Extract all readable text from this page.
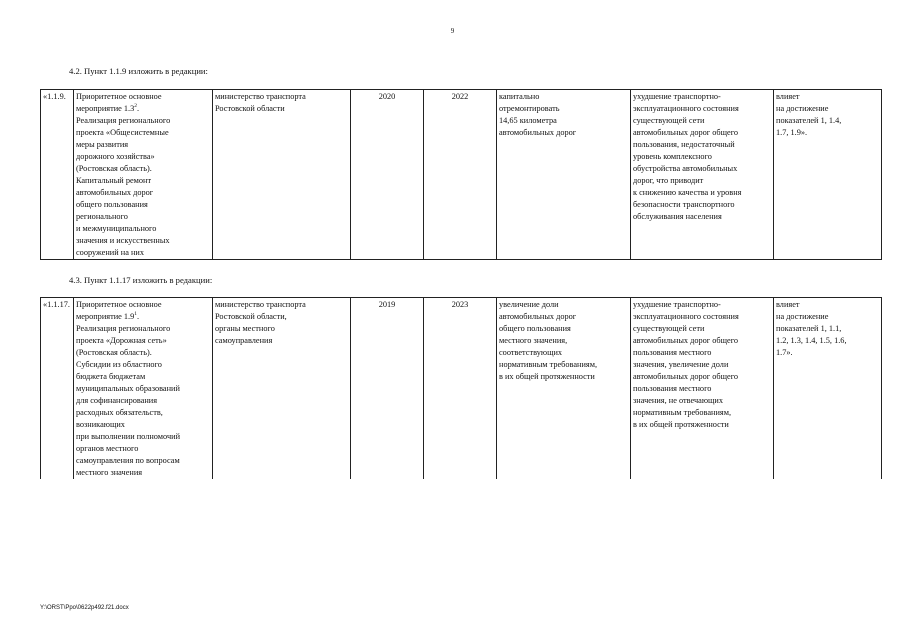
9
4.2. Пункт 1.1.9 изложить в редакции:
«1.1.9.	Приоритетное основное
мероприятие $1.3^2$.
Реализация регионального
проекта «Общесистемные
меры развития
дорожного хозяйства»
(Ростовская область).
Капитальный ремонт
автомобильных дорог
общего пользования
регионального
и межмуниципального
значения и искусственных
сооружений на них	министерство транспорта
Ростовской области	2020	2022	капитально
отремонтировать
14,65 километра
автомобильных дорог	ухудшение транспортно-
эксплуатационного состояния
существующей сети
автомобильных дорог общего
пользования, недостаточный
уровень комплексного
обустройства автомобильных
дорог, что приводит
к снижению качества и уровня
безопасности транспортного
обслуживания населения	влияет
на достижение
показателей 1, 1.4,
1.7, 1.9».
4.3. Пункт 1.1.17 изложить в редакции:
«1.1.17.	Приоритетное основное
мероприятие $1.9^1$.
Реализация регионального
проекта «Дорожная сеть»
(Ростовская область).
Субсидии из областного
бюджета бюджетам
муниципальных образований
для софинансирования
расходных обязательств,
возникающих
при выполнении полномочий
органов местного
самоуправления по вопросам
местного значения	министерство транспорта
Ростовской области,
органы местного
самоуправления	2019	2023	увеличение доли
автомобильных дорог
общего пользования
местного значения,
соответствующих
нормативным требованиям,
в их общей протяженности	ухудшение транспортно-
эксплуатационного состояния
существующей сети
автомобильных дорог общего
пользования местного
значения, увеличение доли
автомобильных дорог общего
пользования местного
значения, не отвечающих
нормативным требованиям,
в их общей протяженности	влияет
на достижение
показателей 1, 1.1,
1.2, 1.3, 1.4, 1.5, 1.6,
1.7».
Y:\ORST\Ppo\0622p492.f21.docx
